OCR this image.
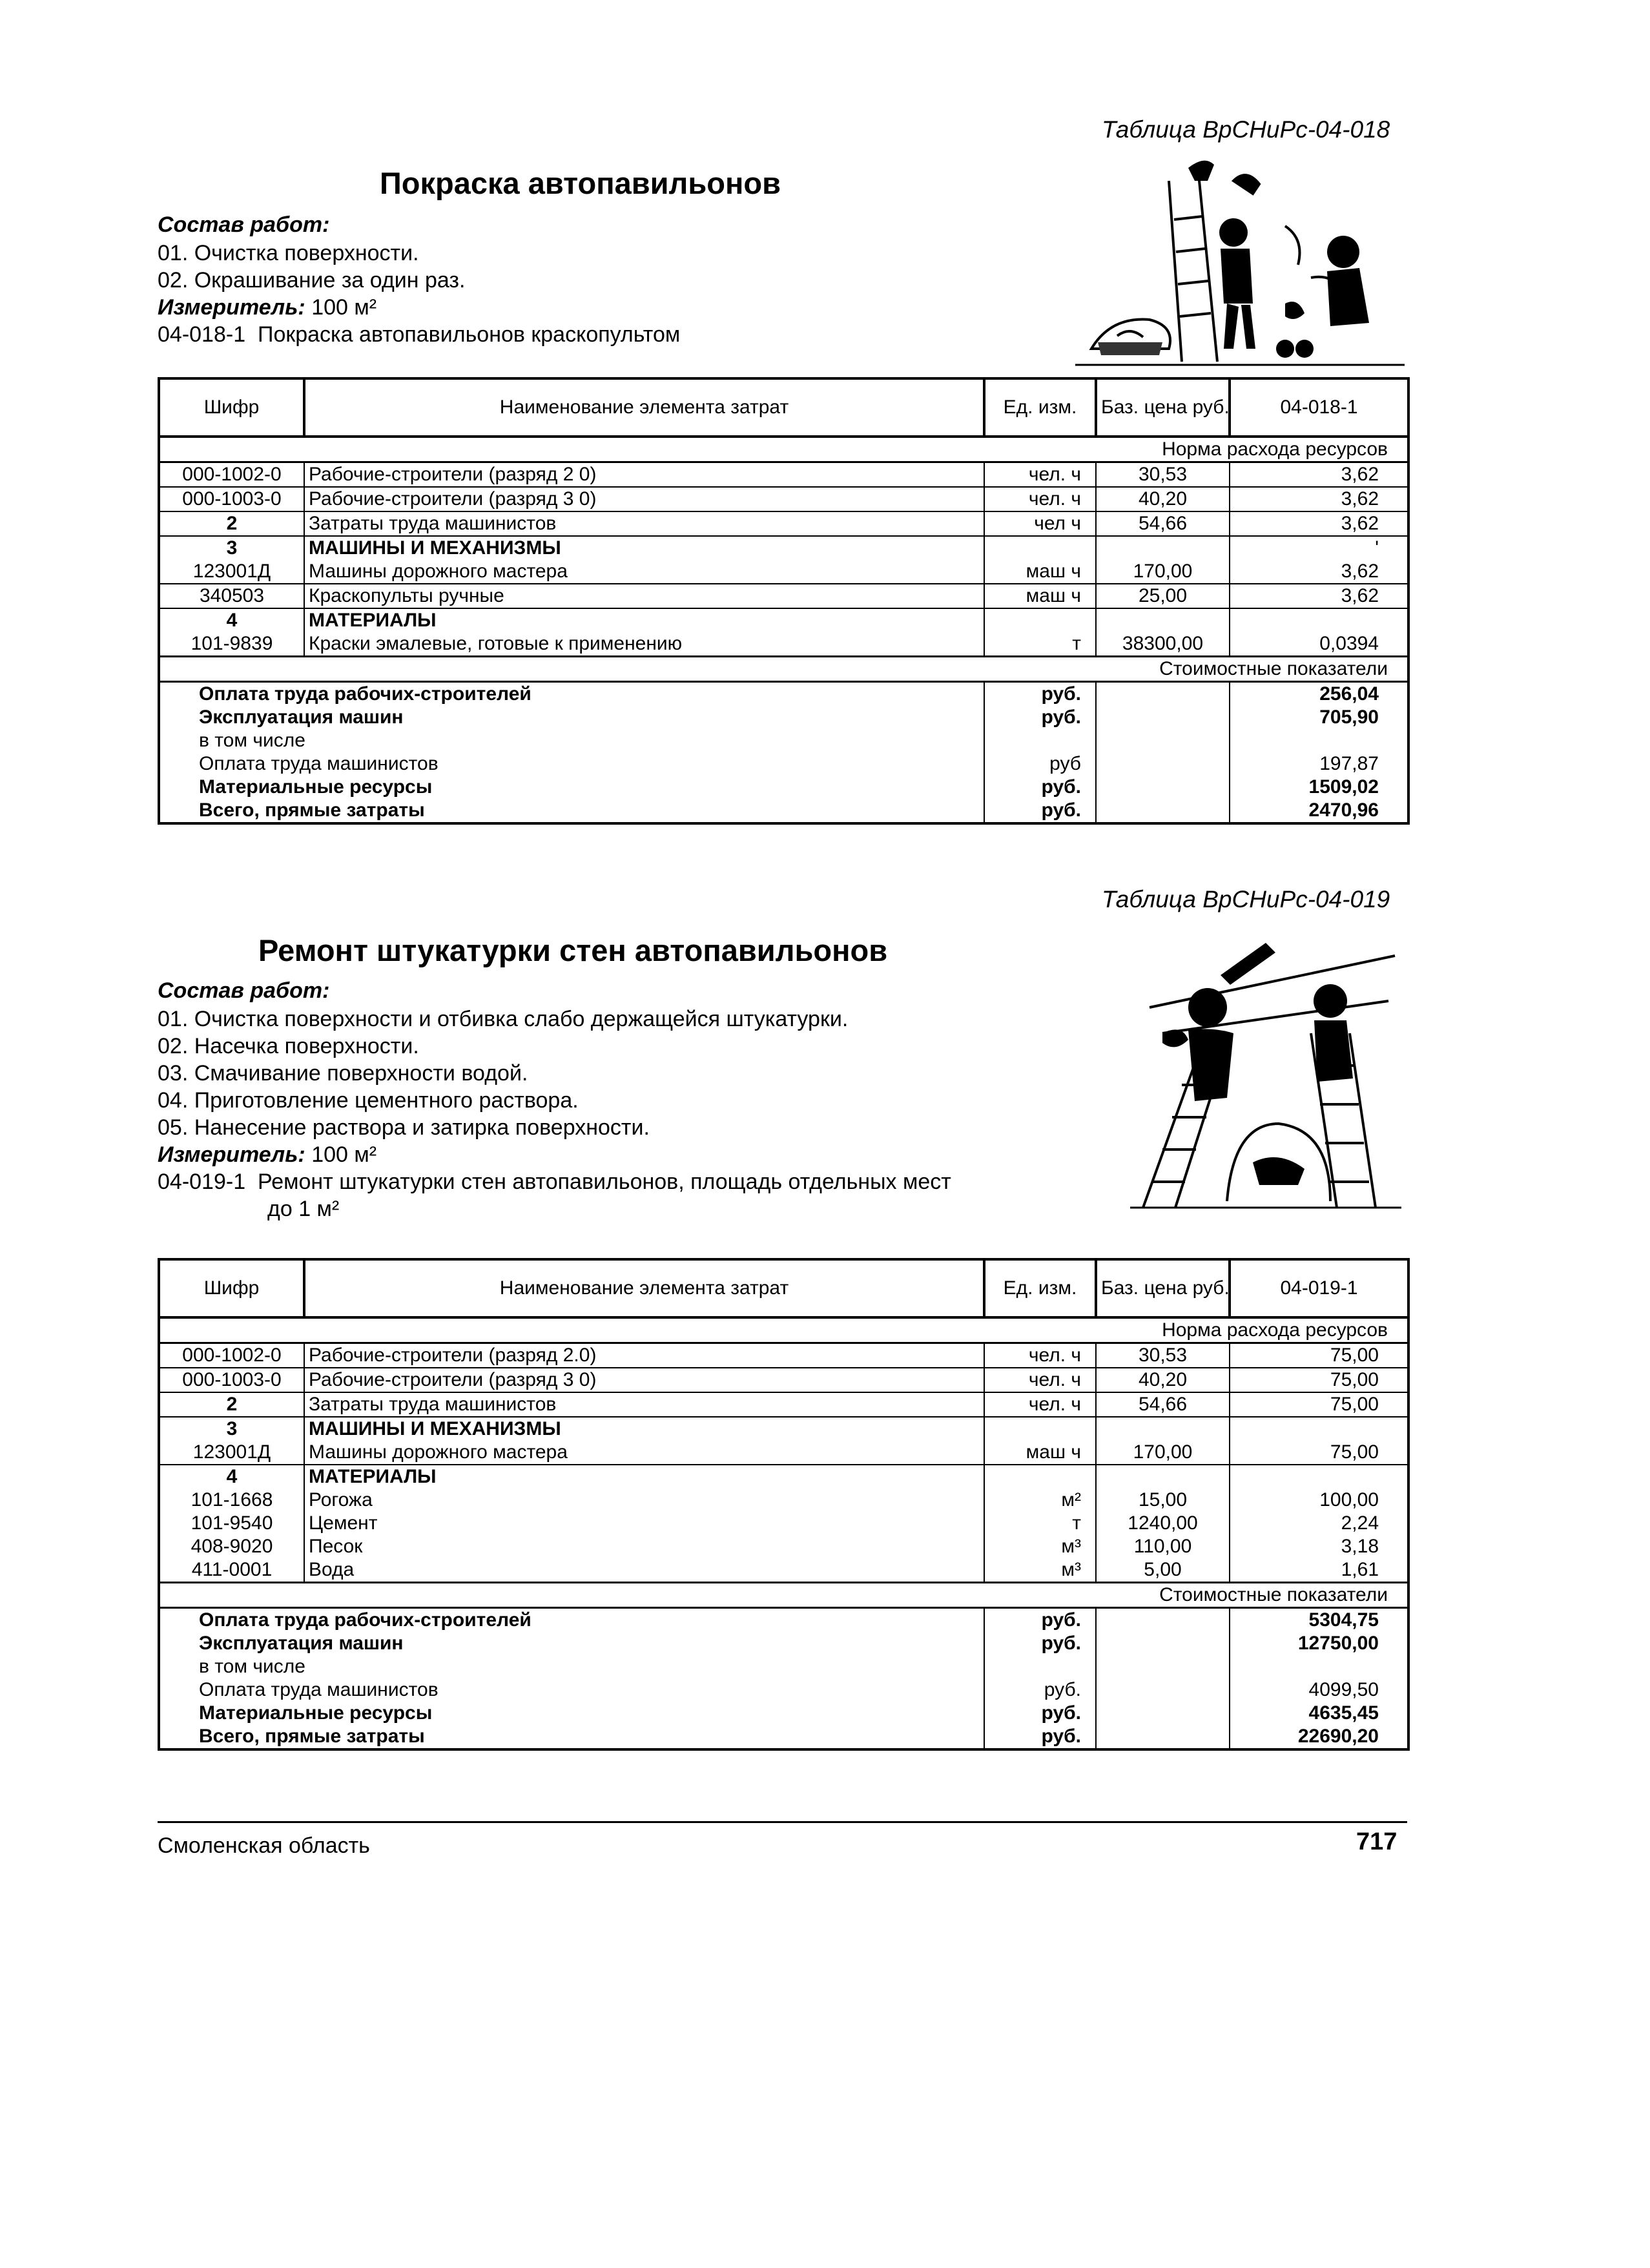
Таблица ВрСНиРс-04-018
Покраска автопавильонов
Состав работ:
01. Очистка поверхности.
02. Окрашивание за один раз.
Измеритель: 100 м²
04-018-1 Покраска автопавильонов краскопультом
Шифр	Наименование элемента затрат	Ед. изм.	Баз. цена руб.	04-018-1
Норма расхода ресурсов				
000-1002-0	Рабочие-строители (разряд 2 0)	чел. ч	30,53	3,62
000-1003-0	Рабочие-строители (разряд 3 0)	чел. ч	40,20	3,62
2	Затраты труда машинистов	чел ч	54,66	3,62
3	МАШИНЫ И МЕХАНИЗМЫ			'
123001Д	Машины дорожного мастера	маш ч	170,00	3,62
340503	Краскопульты ручные	маш ч	25,00	3,62
4	МАТЕРИАЛЫ			
101-9839	Краски эмалевые, готовые к применению	т	38300,00	0,0394
Стоимостные показатели				
Оплата труда рабочих-строителей		руб.		256,04
Эксплуатация машин		руб.		705,90
в том числе				
Оплата труда машинистов		руб		197,87
Материальные ресурсы		руб.		1509,02
Всего, прямые затраты		руб.		2470,96
Таблица ВрСНиРс-04-019
Ремонт штукатурки стен автопавильонов
Состав работ:
01. Очистка поверхности и отбивка слабо держащейся штукатурки.
02. Насечка поверхности.
03. Смачивание поверхности водой.
04. Приготовление цементного раствора.
05. Нанесение раствора и затирка поверхности.
Измеритель: 100 м²
04-019-1 Ремонт штукатурки стен автопавильонов, площадь отдельных мест
до 1 м²
Шифр	Наименование элемента затрат	Ед. изм.	Баз. цена руб.	04-019-1
Норма расхода ресурсов				
000-1002-0	Рабочие-строители (разряд 2.0)	чел. ч	30,53	75,00
000-1003-0	Рабочие-строители (разряд 3 0)	чел. ч	40,20	75,00
2	Затраты труда машинистов	чел. ч	54,66	75,00
3	МАШИНЫ И МЕХАНИЗМЫ			
123001Д	Машины дорожного мастера	маш ч	170,00	75,00
4	МАТЕРИАЛЫ			
101-1668	Рогожа	м²	15,00	100,00
101-9540	Цемент	т	1240,00	2,24
408-9020	Песок	м³	110,00	3,18
411-0001	Вода	м³	5,00	1,61
Стоимостные показатели				
Оплата труда рабочих-строителей		руб.		5304,75
Эксплуатация машин		руб.		12750,00
в том числе				
Оплата труда машинистов		руб.		4099,50
Материальные ресурсы		руб.		4635,45
Всего, прямые затраты		руб.		22690,20
Смоленская область	717
